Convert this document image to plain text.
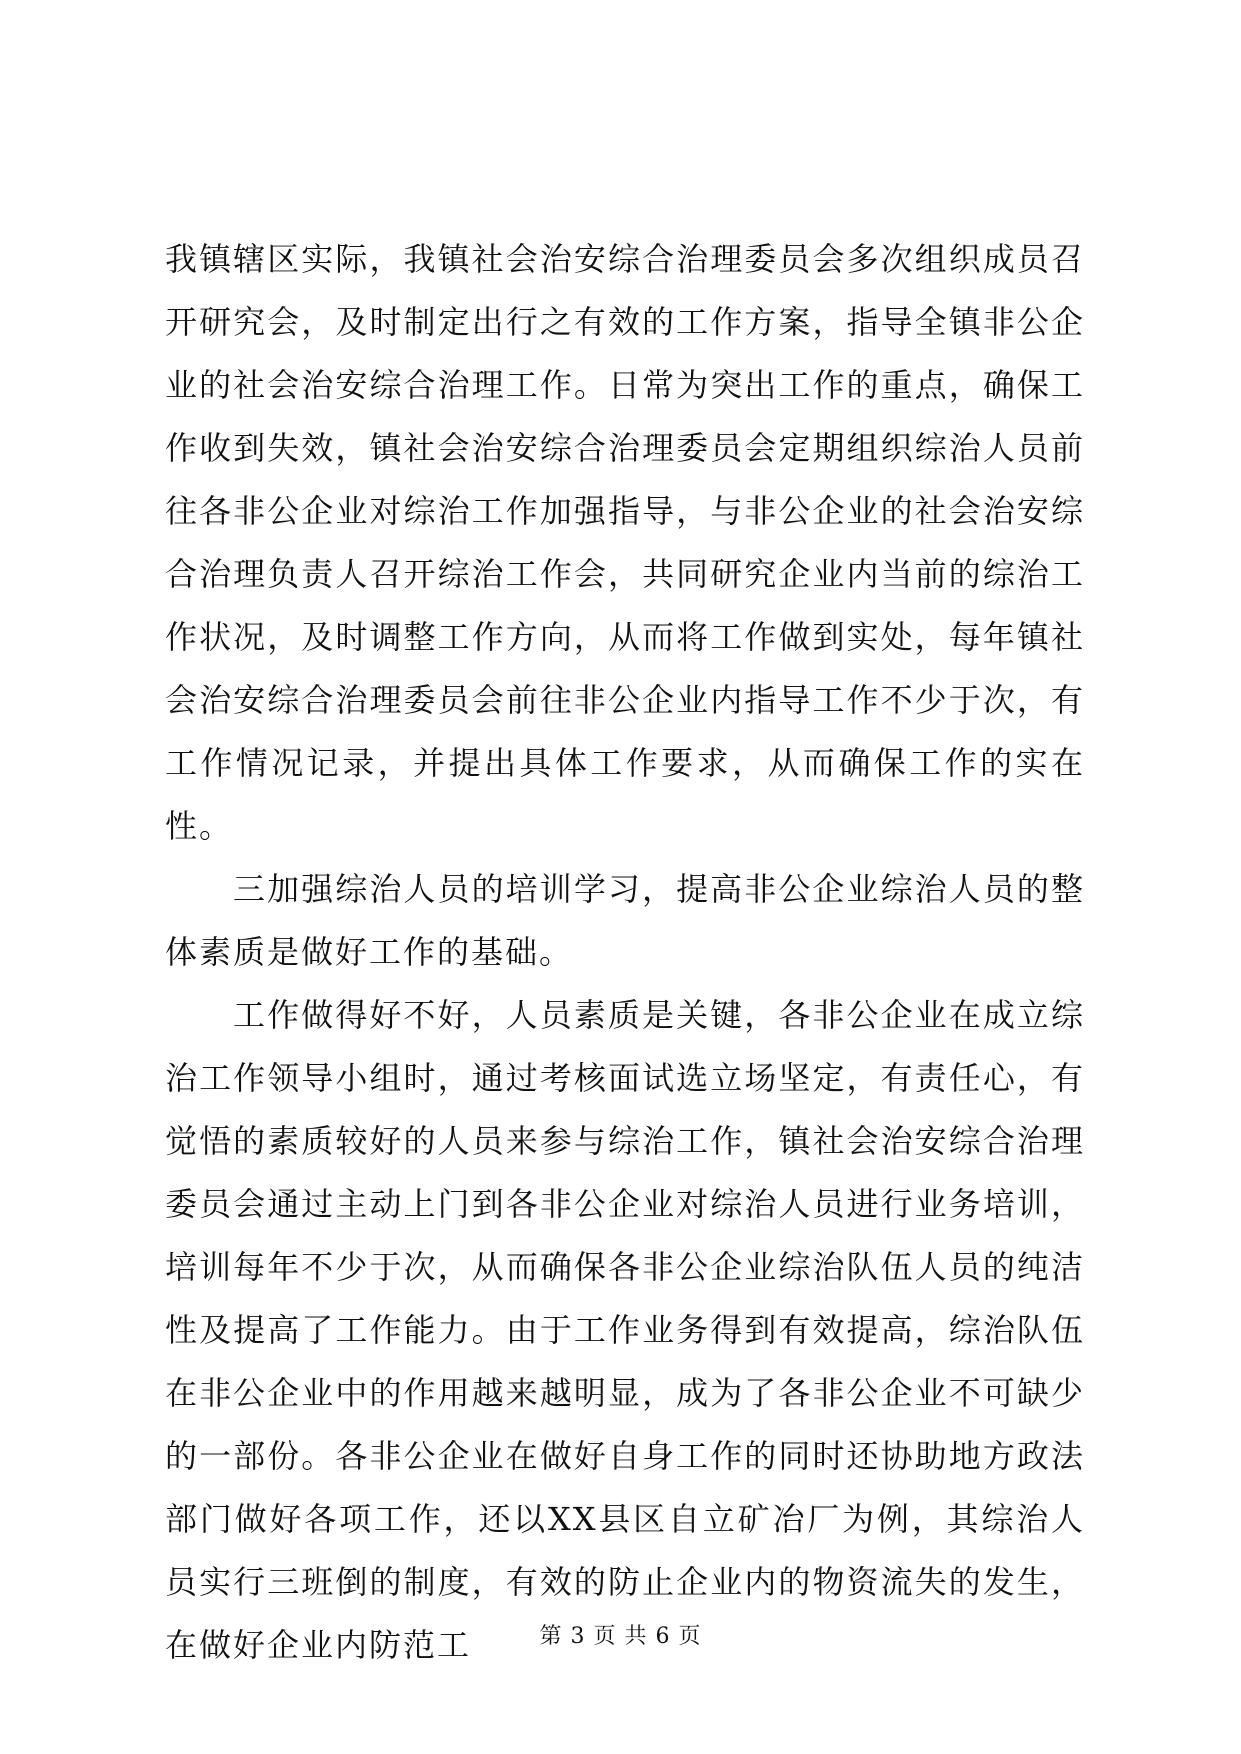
我镇辖区实际，我镇社会治安综合治理委员会多次组织成员召开研究会，及时制定出行之有效的工作方案，指导全镇非公企业的社会治安综合治理工作。日常为突出工作的重点，确保工作收到失效，镇社会治安综合治理委员会定期组织综治人员前往各非公企业对综治工作加强指导，与非公企业的社会治安综合治理负责人召开综治工作会，共同研究企业内当前的综治工作状况，及时调整工作方向，从而将工作做到实处，每年镇社会治安综合治理委员会前往非公企业内指导工作不少于次，有工作情况记录，并提出具体工作要求，从而确保工作的实在性。

三加强综治人员的培训学习，提高非公企业综治人员的整体素质是做好工作的基础。

工作做得好不好，人员素质是关键，各非公企业在成立综治工作领导小组时，通过考核面试选立场坚定，有责任心，有觉悟的素质较好的人员来参与综治工作，镇社会治安综合治理委员会通过主动上门到各非公企业对综治人员进行业务培训，培训每年不少于次，从而确保各非公企业综治队伍人员的纯洁性及提高了工作能力。由于工作业务得到有效提高，综治队伍在非公企业中的作用越来越明显，成为了各非公企业不可缺少的一部份。各非公企业在做好自身工作的同时还协助地方政法部门做好各项工作，还以XX县区自立矿冶厂为例，其综治人员实行三班倒的制度，有效的防止企业内的物资流失的发生，在做好企业内防范工	第 3 页 共 6 页
